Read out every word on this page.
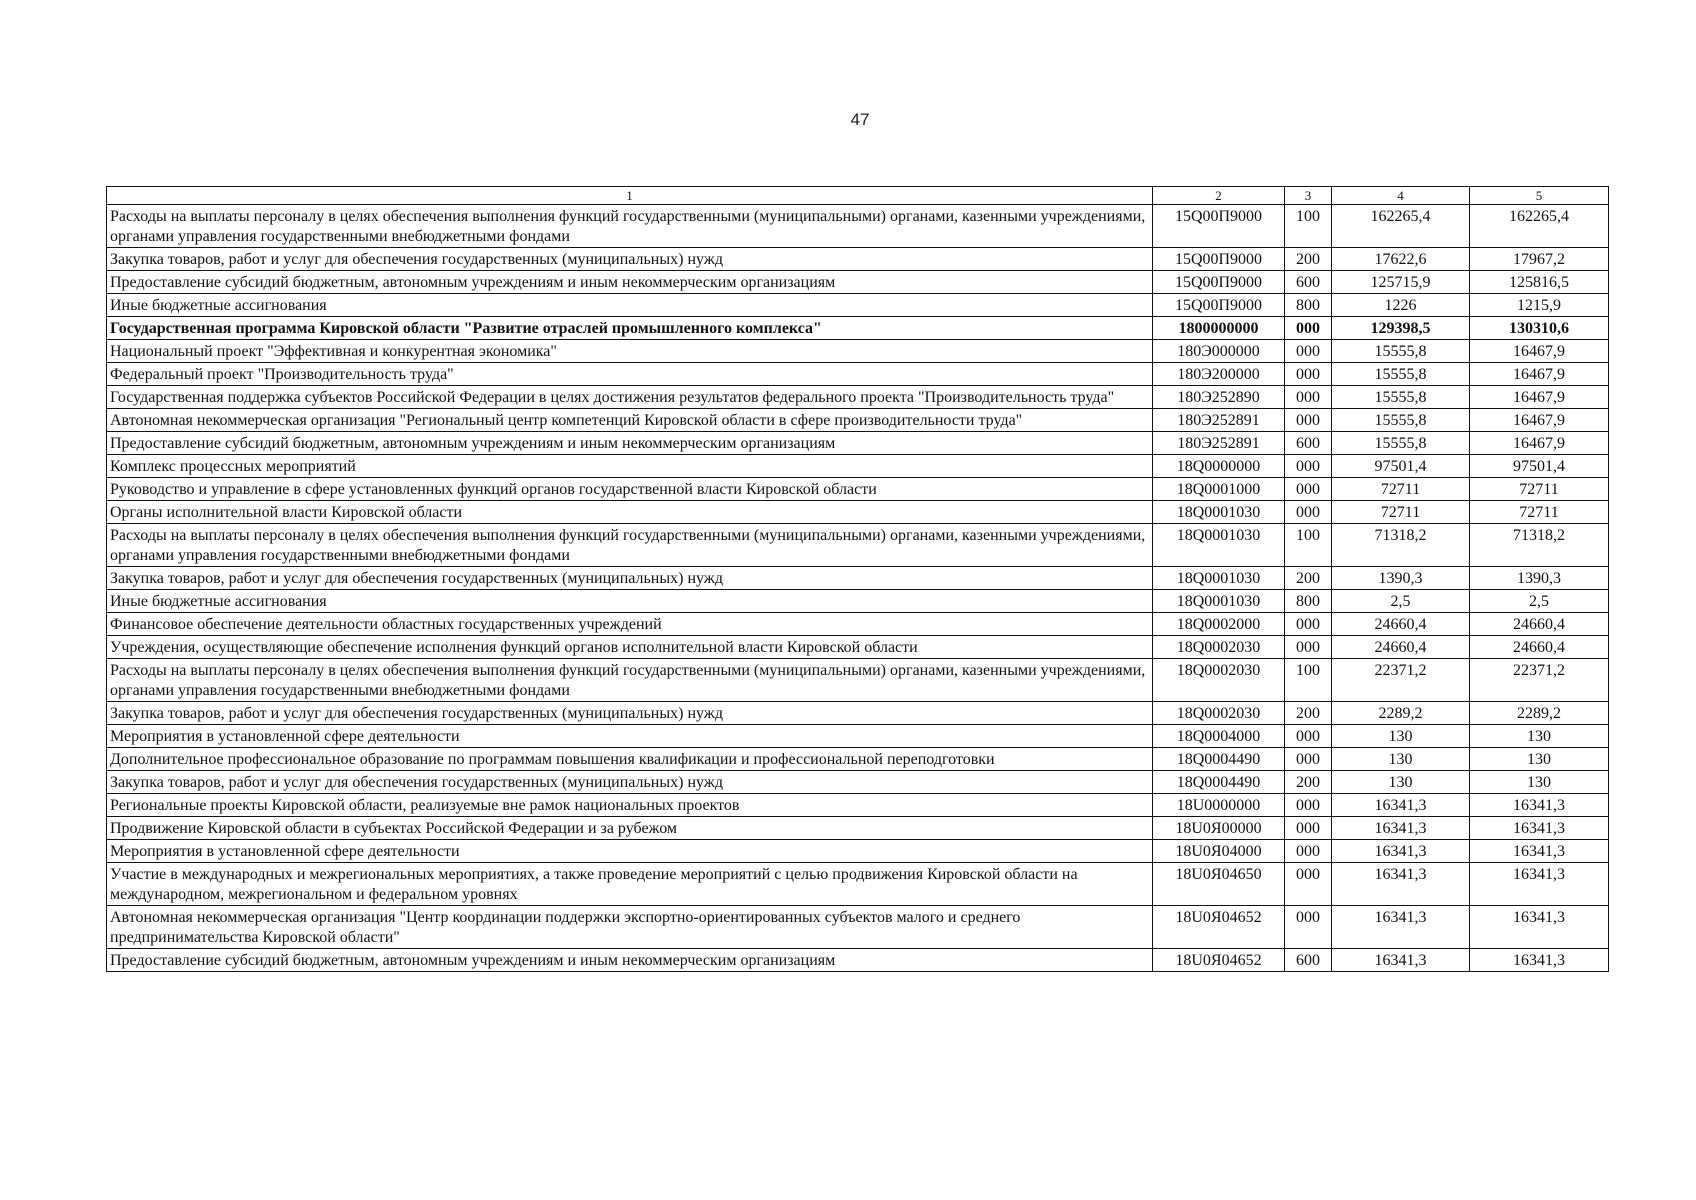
47
1	2	3	4	5
Расходы на выплаты персоналу в целях обеспечения выполнения функций государственными (муниципальными) органами, казенными учреждениями, органами управления государственными внебюджетными фондами	15Q00П9000	100	162265,4	162265,4
Закупка товаров, работ и услуг для обеспечения государственных (муниципальных) нужд	15Q00П9000	200	17622,6	17967,2
Предоставление субсидий бюджетным, автономным учреждениям и иным некоммерческим организациям	15Q00П9000	600	125715,9	125816,5
Иные бюджетные ассигнования	15Q00П9000	800	1226	1215,9
Государственная программа Кировской области "Развитие отраслей промышленного комплекса"	1800000000	000	129398,5	130310,6
Национальный проект "Эффективная и конкурентная экономика"	180Э000000	000	15555,8	16467,9
Федеральный проект "Производительность труда"	180Э200000	000	15555,8	16467,9
Государственная поддержка субъектов Российской Федерации в целях достижения результатов федерального проекта "Производительность труда"	180Э252890	000	15555,8	16467,9
Автономная некоммерческая организация "Региональный центр компетенций Кировской области в сфере производительности труда"	180Э252891	000	15555,8	16467,9
Предоставление субсидий бюджетным, автономным учреждениям и иным некоммерческим организациям	180Э252891	600	15555,8	16467,9
Комплекс процессных мероприятий	18Q0000000	000	97501,4	97501,4
Руководство и управление в сфере установленных функций органов государственной власти Кировской области	18Q0001000	000	72711	72711
Органы исполнительной власти Кировской области	18Q0001030	000	72711	72711
Расходы на выплаты персоналу в целях обеспечения выполнения функций государственными (муниципальными) органами, казенными учреждениями, органами управления государственными внебюджетными фондами	18Q0001030	100	71318,2	71318,2
Закупка товаров, работ и услуг для обеспечения государственных (муниципальных) нужд	18Q0001030	200	1390,3	1390,3
Иные бюджетные ассигнования	18Q0001030	800	2,5	2,5
Финансовое обеспечение деятельности областных государственных учреждений	18Q0002000	000	24660,4	24660,4
Учреждения, осуществляющие обеспечение исполнения функций органов исполнительной власти Кировской области	18Q0002030	000	24660,4	24660,4
Расходы на выплаты персоналу в целях обеспечения выполнения функций государственными (муниципальными) органами, казенными учреждениями, органами управления государственными внебюджетными фондами	18Q0002030	100	22371,2	22371,2
Закупка товаров, работ и услуг для обеспечения государственных (муниципальных) нужд	18Q0002030	200	2289,2	2289,2
Мероприятия в установленной сфере деятельности	18Q0004000	000	130	130
Дополнительное профессиональное образование по программам повышения квалификации и профессиональной переподготовки	18Q0004490	000	130	130
Закупка товаров, работ и услуг для обеспечения государственных (муниципальных) нужд	18Q0004490	200	130	130
Региональные проекты Кировской области, реализуемые вне рамок национальных проектов	18U0000000	000	16341,3	16341,3
Продвижение Кировской области в субъектах Российской Федерации и за рубежом	18U0Я00000	000	16341,3	16341,3
Мероприятия в установленной сфере деятельности	18U0Я04000	000	16341,3	16341,3
Участие в международных и межрегиональных мероприятиях, а также проведение мероприятий с целью продвижения Кировской области на международном, межрегиональном и федеральном уровнях	18U0Я04650	000	16341,3	16341,3
Автономная некоммерческая организация "Центр координации поддержки экспортно-ориентированных субъектов малого и среднего предпринимательства Кировской области"	18U0Я04652	000	16341,3	16341,3
Предоставление субсидий бюджетным, автономным учреждениям и иным некоммерческим организациям	18U0Я04652	600	16341,3	16341,3
